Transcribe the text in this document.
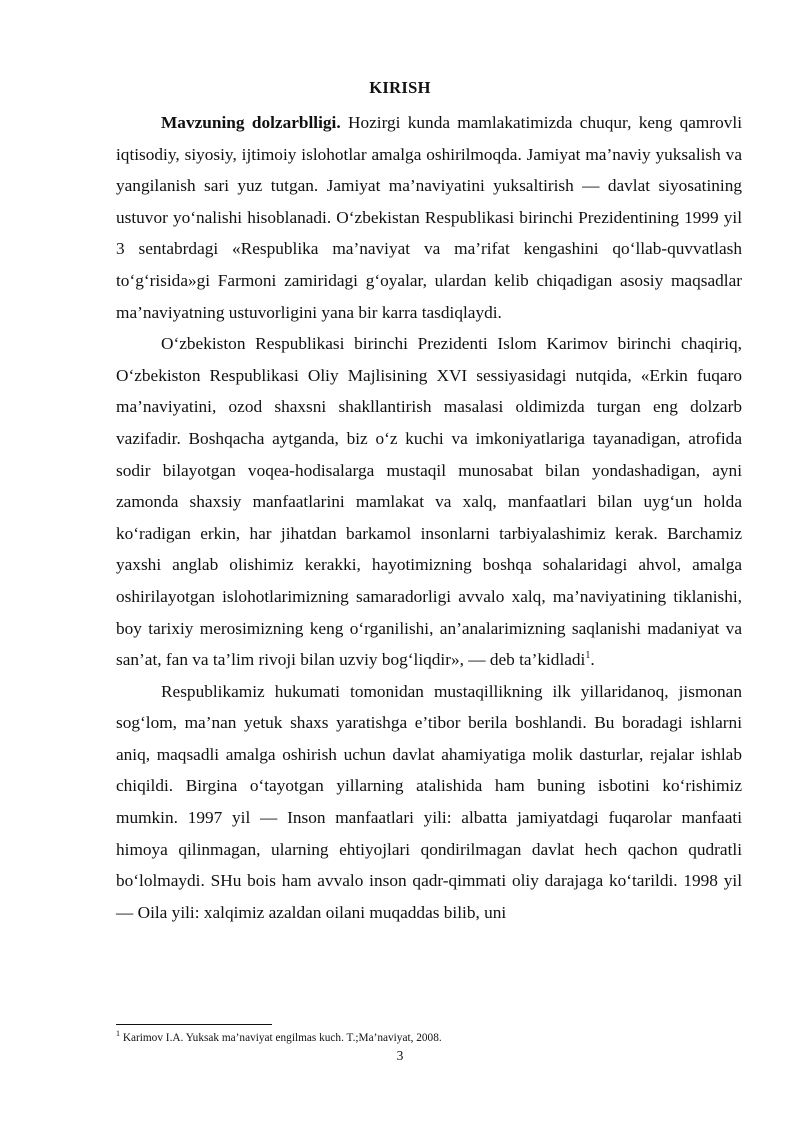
KIRISH

Mavzuning dolzarblligi. Hozirgi kunda mamlakatimizda chuqur, keng qamrovli iqtisodiy, siyosiy, ijtimoiy islohotlar amalga oshirilmoqda. Jamiyat ma’naviy yuksalish va yangilanish sari yuz tutgan. Jamiyat ma’naviyatini yuksaltirish — davlat siyosatining ustuvor yo‘nalishi hisoblanadi. O‘zbekistan Respublikasi birinchi Prezidentining 1999 yil 3 sentabrdagi «Respublika ma’naviyat va ma’rifat kengashini qo‘llab-quvvatlash to‘g‘risida»gi Farmoni zamiridagi g‘oyalar, ulardan kelib chiqadigan asosiy maqsadlar ma’naviyatning ustuvorligini yana bir karra tasdiqlaydi.

O‘zbekiston Respublikasi birinchi Prezidenti Islom Karimov birinchi chaqiriq, O‘zbekiston Respublikasi Oliy Majlisining XVI sessiyasidagi nutqida, «Erkin fuqaro ma’naviyatini, ozod shaxsni shakllantirish masalasi oldimizda turgan eng dolzarb vazifadir. Boshqacha aytganda, biz o‘z kuchi va imkoniyatlariga tayanadigan, atrofida sodir bilayotgan voqea-hodisalarga mustaqil munosabat bilan yondashadigan, ayni zamonda shaxsiy manfaatlarini mamlakat va xalq, manfaatlari bilan uyg‘un holda ko‘radigan erkin, har jihatdan barkamol insonlarni tarbiyalashimiz kerak. Barchamiz yaxshi anglab olishimiz kerakki, hayotimizning boshqa sohalaridagi ahvol, amalga oshirilayotgan islohotlarimizning samaradorligi avvalo xalq, ma’naviyatining tiklanishi, boy tarixiy merosimizning keng o‘rganilishi, an’analarimizning saqlanishi madaniyat va san’at, fan va ta’lim rivoji bilan uzviy bog‘liqdir», — deb ta’kidladi$^1$.

Respublikamiz hukumati tomonidan mustaqillikning ilk yillaridanoq, jismonan sog‘lom, ma’nan yetuk shaxs yaratishga e’tibor berila boshlandi. Bu boradagi ishlarni aniq, maqsadli amalga oshirish uchun davlat ahamiyatiga molik dasturlar, rejalar ishlab chiqildi. Birgina o‘tayotgan yillarning atalishida ham buning isbotini ko‘rishimiz mumkin. 1997 yil — Inson manfaatlari yili: albatta jamiyatdagi fuqarolar manfaati himoya qilinmagan, ularning ehtiyojlari qondirilmagan davlat hech qachon qudratli bo‘lolmaydi. SHu bois ham avvalo inson qadr-qimmati oliy darajaga ko‘tarildi. 1998 yil — Oila yili: xalqimiz azaldan oilani muqaddas bilib, uni

$^1$ Karimov I.A. Yuksak ma’naviyat engilmas kuch. T.;Ma’naviyat, 2008.
3
